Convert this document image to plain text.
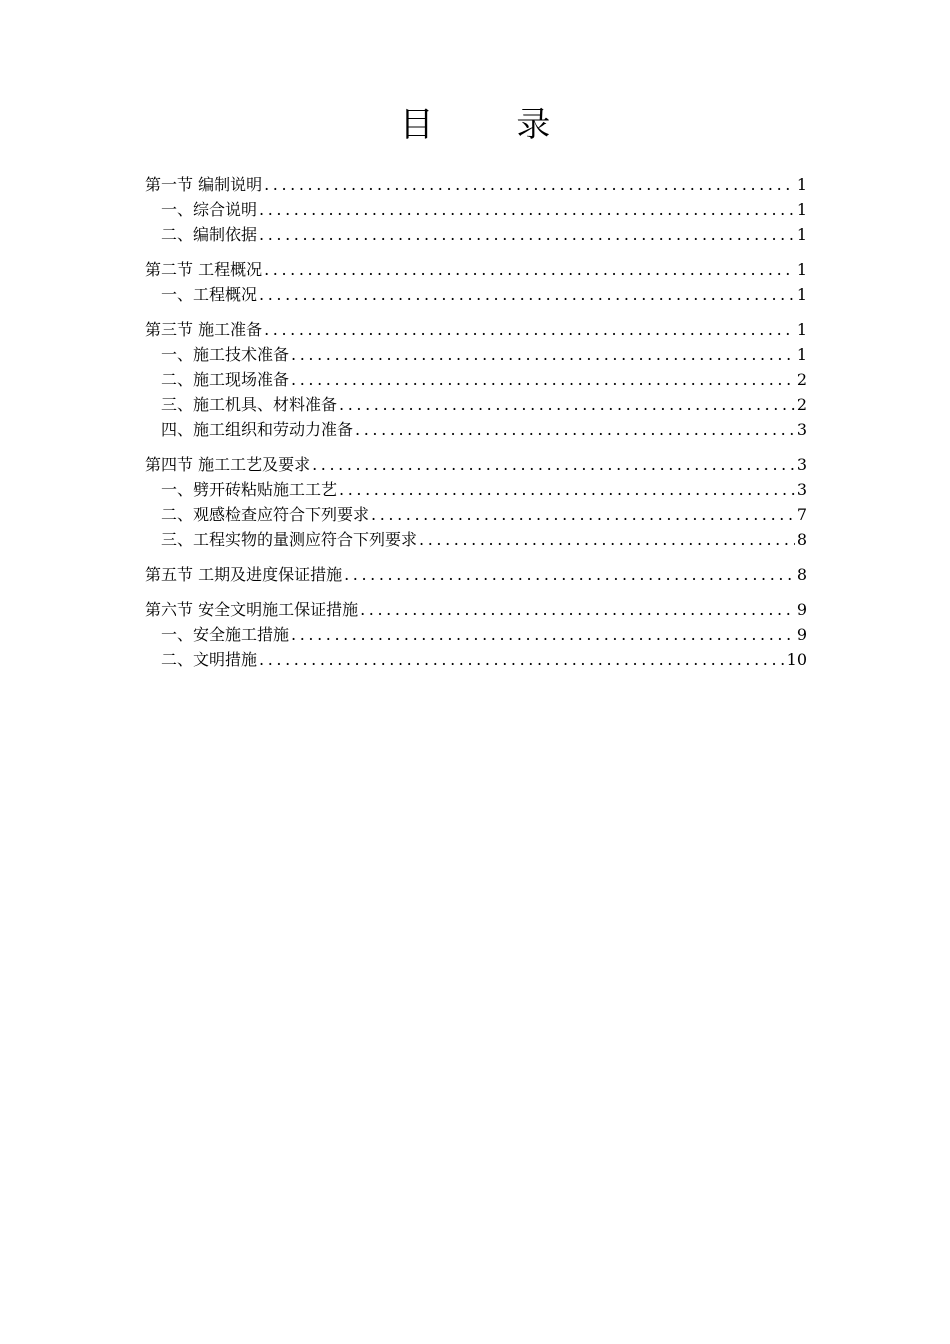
目 录
第一节 编制说明 .....	1
一、综合说明 .....	1
二、编制依据 .....	1
第二节 工程概况 .....	1
一、工程概况 .....	1
第三节 施工准备 .....	1
一、施工技术准备 .....	1
二、施工现场准备 .....	2
三、施工机具、材料准备 .....	2
四、施工组织和劳动力准备 .....	3
第四节 施工工艺及要求 .....	3
一、劈开砖粘贴施工工艺 .....	3
二、观感检查应符合下列要求 .....	7
三、工程实物的量测应符合下列要求 .....	8
第五节 工期及进度保证措施 .....	8
第六节 安全文明施工保证措施 .....	9
一、安全施工措施 .....	9
二、文明措施 .....	10
